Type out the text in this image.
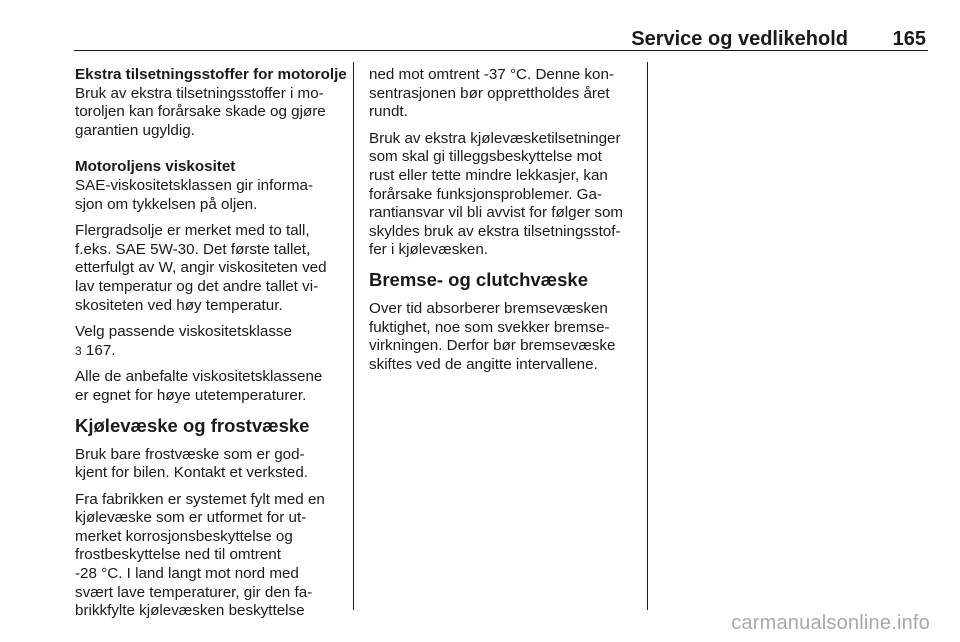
Service og vedlikehold	165
Ekstra tilsetningsstoffer for motorolje

Bruk av ekstra tilsetningsstoffer i mo-
toroljen kan forårsake skade og gjøre
garantien ugyldig.

Motoroljens viskositet

SAE-viskositetsklassen gir informa-
sjon om tykkelsen på oljen.

Flergradsolje er merket med to tall,
f.eks. SAE 5W-30. Det første tallet,
etterfulgt av W, angir viskositeten ved
lav temperatur og det andre tallet vi-
skositeten ved høy temperatur.

Velg passende viskositetsklasse
3 167.

Alle de anbefalte viskositetsklassene
er egnet for høye utetemperaturer.

Kjølevæske og frostvæske

Bruk bare frostvæske som er god-
kjent for bilen. Kontakt et verksted.

Fra fabrikken er systemet fylt med en
kjølevæske som er utformet for ut-
merket korrosjonsbeskyttelse og
frostbeskyttelse ned til omtrent
-28 °C. I land langt mot nord med
svært lave temperaturer, gir den fa-
brikkfylte kjølevæsken beskyttelse

ned mot omtrent -37 °C. Denne kon-
sentrasjonen bør opprettholdes året
rundt.

Bruk av ekstra kjølevæsketilsetninger
som skal gi tilleggsbeskyttelse mot
rust eller tette mindre lekkasjer, kan
forårsake funksjonsproblemer. Ga-
rantiansvar vil bli avvist for følger som
skyldes bruk av ekstra tilsetningsstof-
fer i kjølevæsken.

Bremse- og clutchvæske

Over tid absorberer bremsevæsken
fuktighet, noe som svekker bremse-
virkningen. Derfor bør bremsevæske
skiftes ved de angitte intervallene.

carmanualsonline.info
